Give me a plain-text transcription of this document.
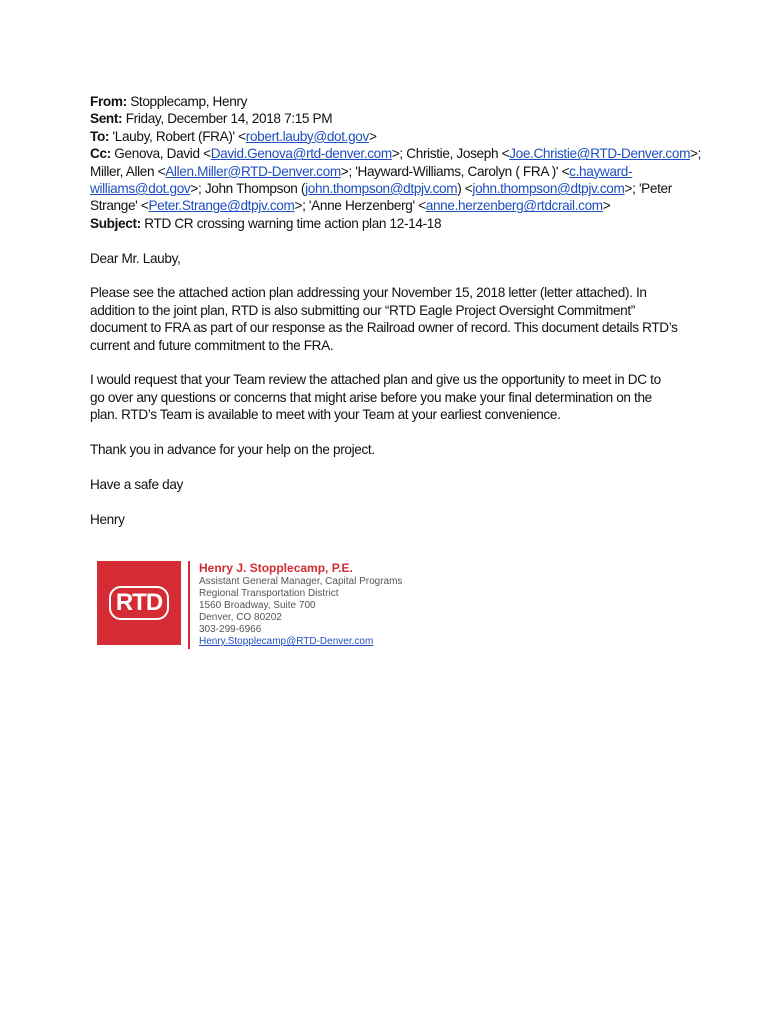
From: Stopplecamp, Henry
Sent: Friday, December 14, 2018 7:15 PM
To: 'Lauby, Robert (FRA)' <robert.lauby@dot.gov>
Cc: Genova, David <David.Genova@rtd-denver.com>; Christie, Joseph <Joe.Christie@RTD-Denver.com>;
Miller, Allen <Allen.Miller@RTD-Denver.com>; 'Hayward-Williams, Carolyn ( FRA )' <c.hayward-
williams@dot.gov>; John Thompson (john.thompson@dtpjv.com) <john.thompson@dtpjv.com>; 'Peter
Strange' <Peter.Strange@dtpjv.com>; 'Anne Herzenberg' <anne.herzenberg@rtdcrail.com>
Subject: RTD CR crossing warning time action plan 12-14-18

Dear Mr. Lauby,

Please see the attached action plan addressing your November 15, 2018 letter (letter attached). In

addition to the joint plan, RTD is also submitting our “RTD Eagle Project Oversight Commitment”

document to FRA as part of our response as the Railroad owner of record. This document details RTD’s

current and future commitment to the FRA.

I would request that your Team review the attached plan and give us the opportunity to meet in DC to

go over any questions or concerns that might arise before you make your final determination on the

plan. RTD’s Team is available to meet with your Team at your earliest convenience.

Thank you in advance for your help on the project.

Have a safe day

Henry

RTD
Henry J. Stopplecamp, P.E.
Assistant General Manager, Capital Programs
Regional Transportation District
1560 Broadway, Suite 700
Denver, CO 80202
303-299-6966
Henry.Stopplecamp@RTD-Denver.com
